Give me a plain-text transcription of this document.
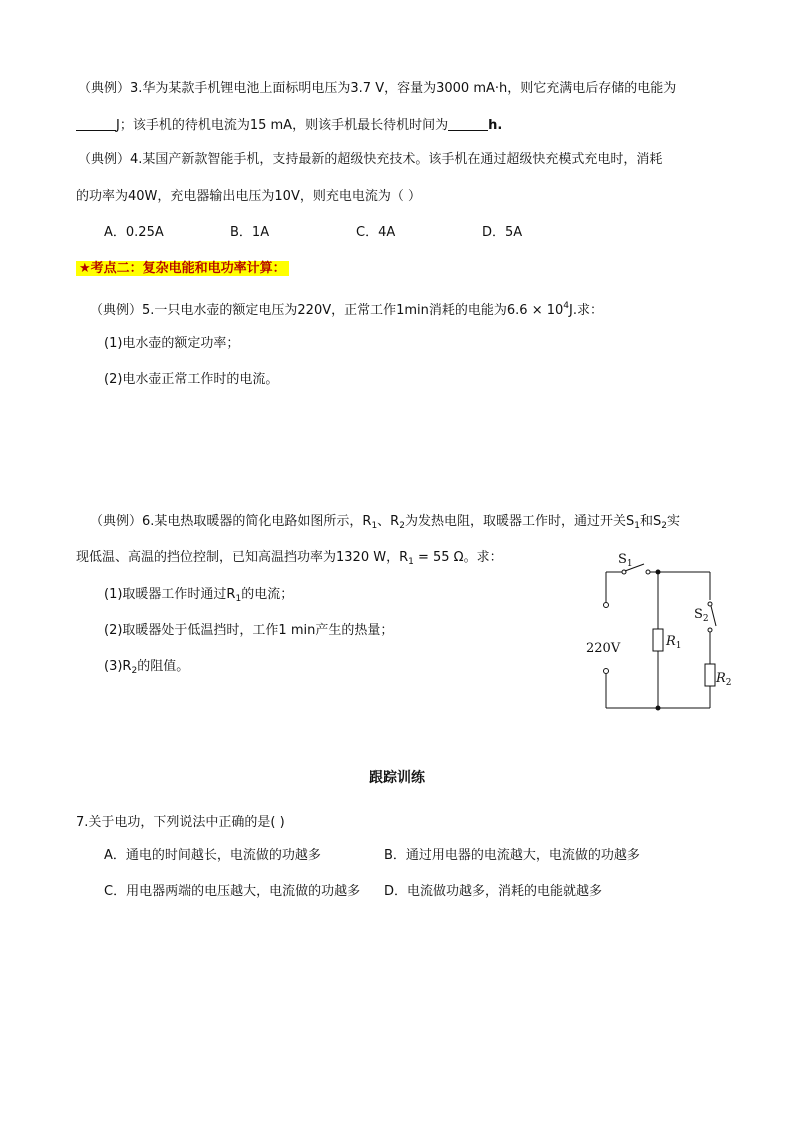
（典例）3.华为某款手机锂电池上面标明电压为3.7 V，容量为3000 mA·h，则它充满电后存储的电能为
J；该手机的待机电流为15 mA，则该手机最长待机时间为	h.
（典例）4.某国产新款智能手机，支持最新的超级快充技术。该手机在通过超级快充模式充电时，消耗
的功率为40W，充电器输出电压为10V，则充电电流为（ ）
A．0.25A	B．1A	C．4A	D．5A
★考点二：复杂电能和电功率计算：
（典例）5.一只电水壶的额定电压为220V，正常工作1min消耗的电能为$6.6 \times 10^4J$.求：
(1)电水壶的额定功率；
(2)电水壶正常工作时的电流。
（典例）6.某电热取暖器的简化电路如图所示，$R_1$、$R_2$为发热电阻，取暖器工作时，通过开关$S_1$和$S_2$实
现低温、高温的挡位控制，已知高温挡功率为1320 W，$R_1 = 55$ Ω。求：
(1)取暖器工作时通过$R_1$的电流；
(2)取暖器处于低温挡时，工作1 min产生的热量；
$(3)R_2$的阻值。
$S_1$
$S_2$
220V	$R_1$
$R_2$
跟踪训练
7.关于电功，下列说法中正确的是( )
A．通电的时间越长，电流做的功越多	B．通过用电器的电流越大，电流做的功越多
C．用电器两端的电压越大，电流做的功越多 D．电流做功越多，消耗的电能就越多
